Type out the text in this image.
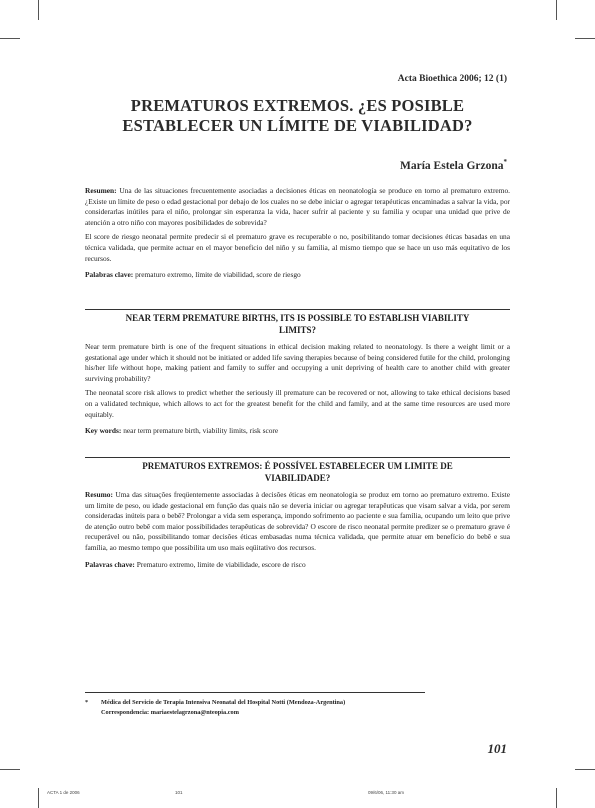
Acta Bioethica 2006; 12 (1)
PREMATUROS EXTREMOS. ¿ES POSIBLE
ESTABLECER UN LÍMITE DE VIABILIDAD?
María Estela Grzona*

Resumen: Una de las situaciones frecuentemente asociadas a decisiones éticas en neonatología se produce en torno al prematuro extremo. ¿Existe un límite de peso o edad gestacional por debajo de los cuales no se debe iniciar o agregar terapéuticas encaminadas a salvar la vida, por considerarlas inútiles para el niño, prolongar sin esperanza la vida, hacer sufrir al paciente y su familia y ocupar una unidad que prive de atención a otro niño con mayores posibilidades de sobrevida?

El score de riesgo neonatal permite predecir si el prematuro grave es recuperable o no, posibilitando tomar decisiones éticas basadas en una técnica validada, que permite actuar en el mayor beneficio del niño y su familia, al mismo tiempo que se hace un uso más equitativo de los recursos.

Palabras clave: prematuro extremo, límite de viabilidad, score de riesgo

NEAR TERM PREMATURE BIRTHS, ITS IS POSSIBLE TO ESTABLISH VIABILITY
LIMITS?

Near term premature birth is one of the frequent situations in ethical decision making related to neonatology. Is there a weight limit or a gestational age under which it should not be initiated or added life saving therapies because of being considered futile for the child, prolonging his/her life without hope, making patient and family to suffer and occupying a unit depriving of health care to another child with greater surviving probability?

The neonatal score risk allows to predict whether the seriously ill premature can be recovered or not, allowing to take ethical decisions based on a validated technique, which allows to act for the greatest benefit for the child and family, and at the same time resources are used more equitably.

Key words: near term premature birth, viability limits, risk score

PREMATUROS EXTREMOS: É POSSÍVEL ESTABELECER UM LIMITE DE
VIABILIDADE?

Resumo: Uma das situações freqüentemente associadas à decisões éticas em neonatologia se produz em torno ao prematuro extremo. Existe um limite de peso, ou idade gestacional em função das quais não se deveria iniciar ou agregar terapêuticas que visam salvar a vida, por serem consideradas inúteis para o bebê? Prolongar a vida sem esperança, impondo sofrimento ao paciente e sua família, ocupando um leito que prive de atenção outro bebê com maior possibilidades terapêuticas de sobrevida? O escore de risco neonatal permite predizer se o prematuro grave é recuperável ou não, possibilitando tomar decisões éticas embasadas numa técnica validada, que permite atuar em benefício do bebê e sua família, ao mesmo tempo que possibilita um uso mais eqüitativo dos recursos.

Palavras chave: Prematuro extremo, limite de viabilidade, escore de risco

* Médica del Servicio de Terapia Intensiva Neonatal del Hospital Notti (Mendoza-Argentina)
Correspondencia: mariaestelagrzona@nteopia.com
101
ACTA 1 de 2006	101	09/6/06, 11:30 am
